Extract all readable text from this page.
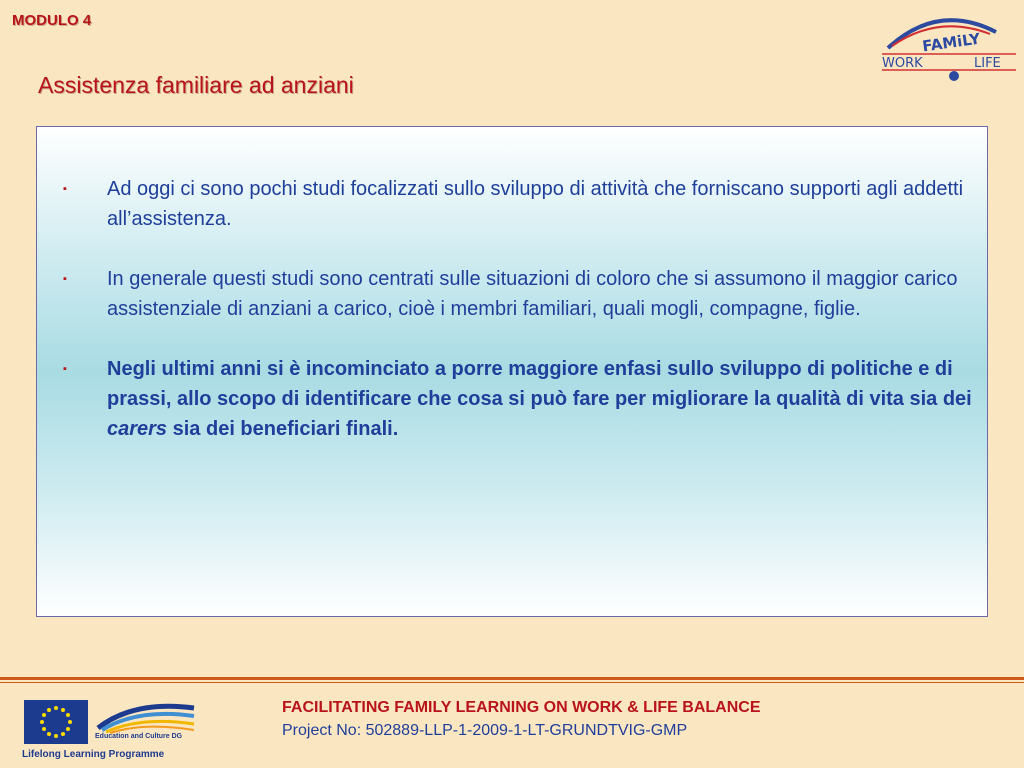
MODULO 4
Assistenza familiare ad anziani
FAMiLY
WORK	LIFE
▪ Ad oggi ci sono pochi studi focalizzati sullo sviluppo di attività che forniscano supporti agli addetti all’assistenza.
▪ In generale questi studi sono centrati sulle situazioni di coloro che si assumono il maggior carico assistenziale di anziani a carico, cioè i membri familiari, quali mogli, compagne, figlie.
▪ Negli ultimi anni si è incominciato a porre maggiore enfasi sullo sviluppo di politiche e di prassi, allo scopo di identificare che cosa si può fare per migliorare la qualità di vita sia dei carers sia dei beneficiari finali.
Education and Culture DG
Lifelong Learning Programme
FACILITATING FAMILY LEARNING ON WORK & LIFE BALANCE
Project No: 502889-LLP-1-2009-1-LT-GRUNDTVIG-GMP
